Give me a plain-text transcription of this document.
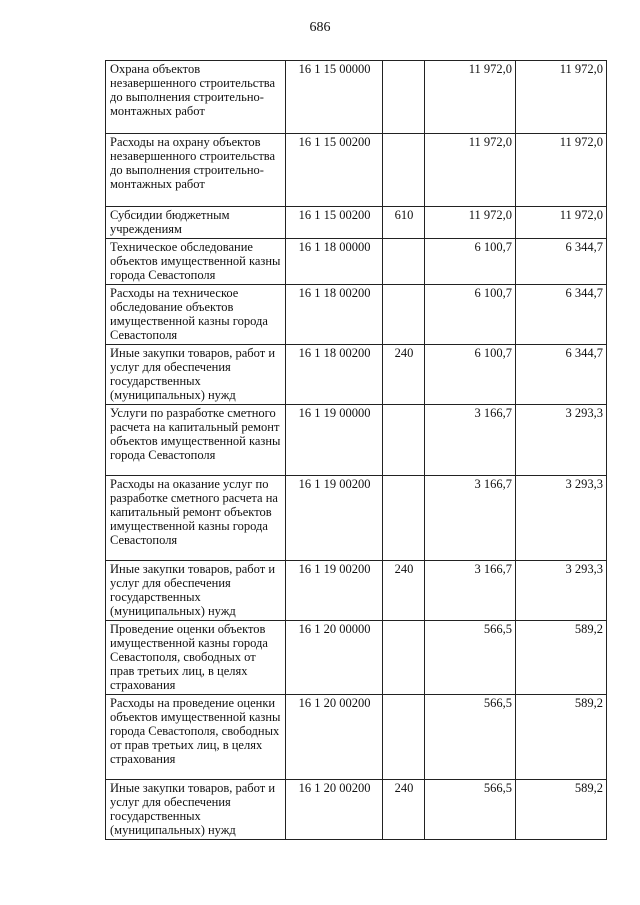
686
Охрана объектов незавершенного строительства до выполнения строительно-монтажных работ	16 1 15 00000		11 972,0	11 972,0
Расходы на охрану объектов незавершенного строительства до выполнения строительно-монтажных работ	16 1 15 00200		11 972,0	11 972,0
Субсидии бюджетным учреждениям	16 1 15 00200	610	11 972,0	11 972,0
Техническое обследование объектов имущественной казны города Севастополя	16 1 18 00000		6 100,7	6 344,7
Расходы на техническое обследование объектов имущественной казны города Севастополя	16 1 18 00200		6 100,7	6 344,7
Иные закупки товаров, работ и услуг для обеспечения государственных (муниципальных) нужд	16 1 18 00200	240	6 100,7	6 344,7
Услуги по разработке сметного расчета на капитальный ремонт объектов имущественной казны города Севастополя	16 1 19 00000		3 166,7	3 293,3
Расходы на оказание услуг по разработке сметного расчета на капитальный ремонт объектов имущественной казны города Севастополя	16 1 19 00200		3 166,7	3 293,3
Иные закупки товаров, работ и услуг для обеспечения государственных (муниципальных) нужд	16 1 19 00200	240	3 166,7	3 293,3
Проведение оценки объектов имущественной казны города Севастополя, свободных от прав третьих лиц, в целях страхования	16 1 20 00000		566,5	589,2
Расходы на проведение оценки объектов имущественной казны города Севастополя, свободных от прав третьих лиц, в целях страхования	16 1 20 00200		566,5	589,2
Иные закупки товаров, работ и услуг для обеспечения государственных (муниципальных) нужд	16 1 20 00200	240	566,5	589,2
